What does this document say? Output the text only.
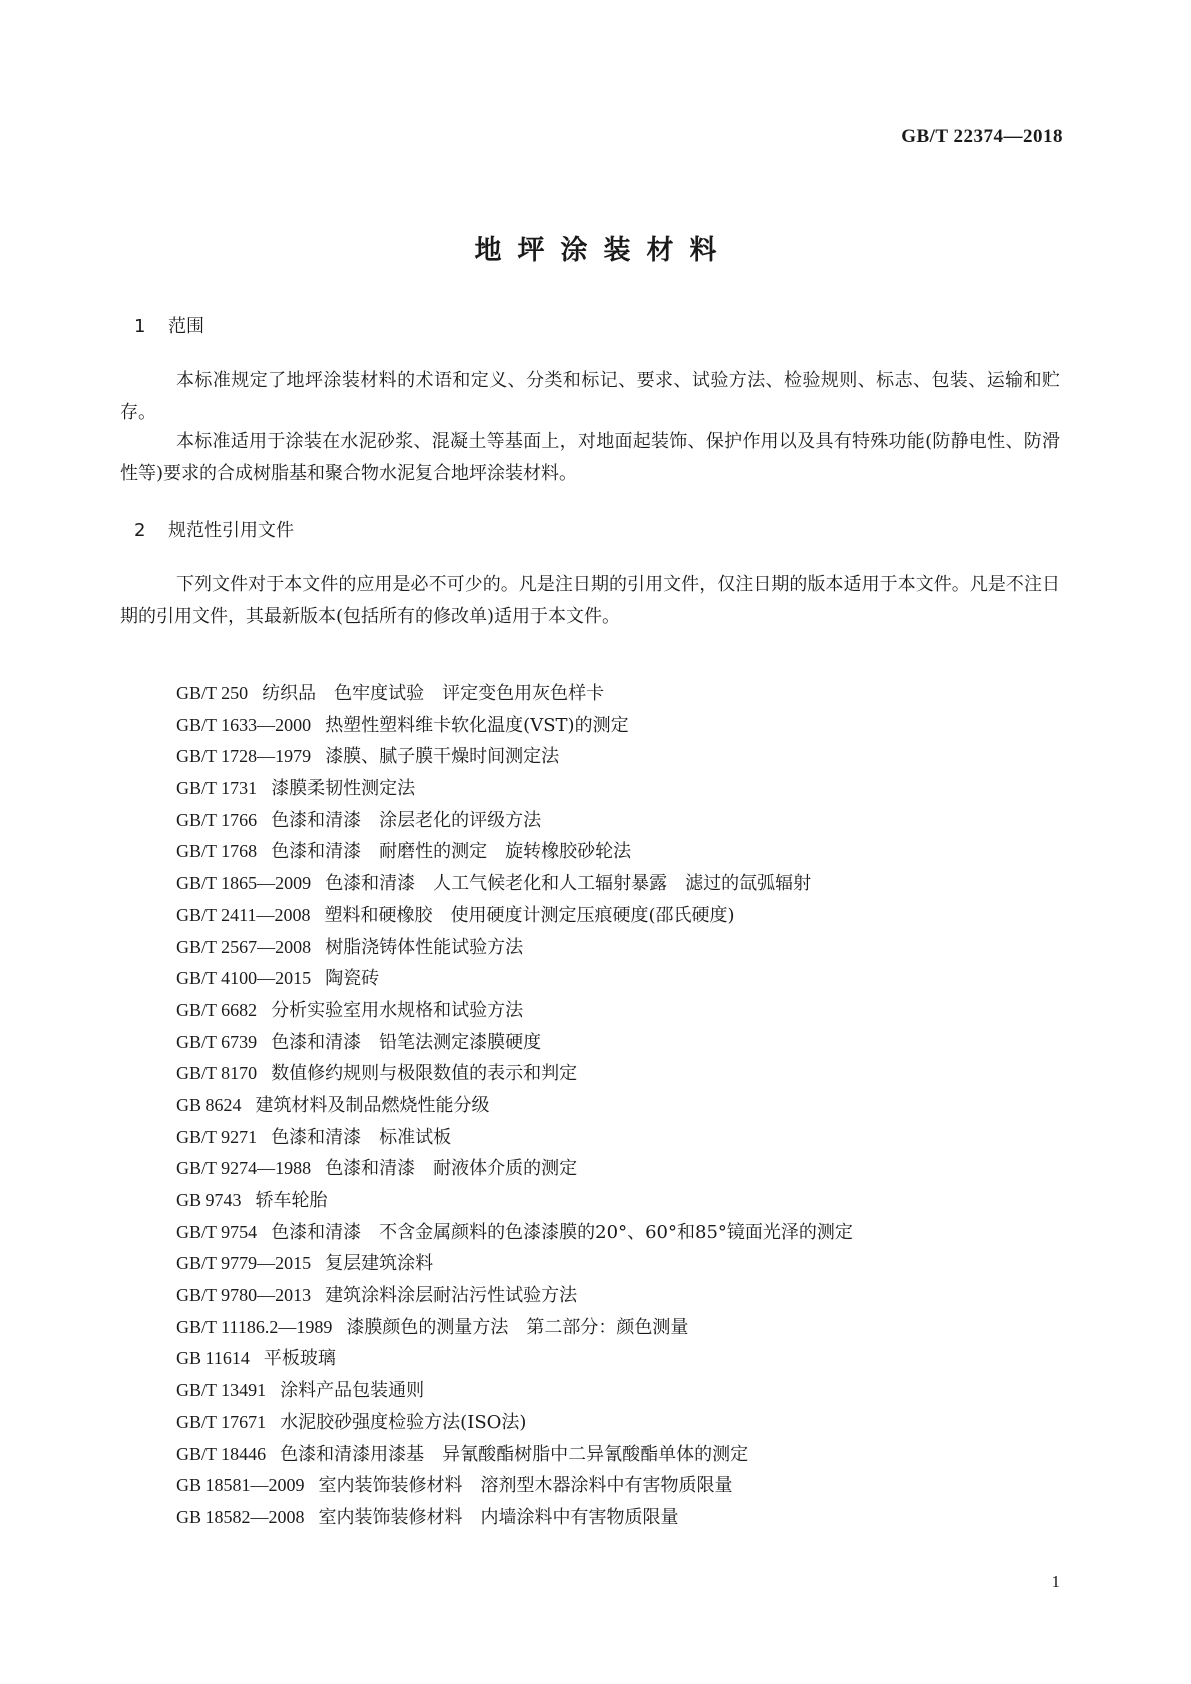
GB/T 22374—2018
地坪涂装材料
1 范围
本标准规定了地坪涂装材料的术语和定义、分类和标记、要求、试验方法、检验规则、标志、包装、运输和贮存。
本标准适用于涂装在水泥砂浆、混凝土等基面上，对地面起装饰、保护作用以及具有特殊功能(防静电性、防滑性等)要求的合成树脂基和聚合物水泥复合地坪涂装材料。
2 规范性引用文件
下列文件对于本文件的应用是必不可少的。凡是注日期的引用文件，仅注日期的版本适用于本文件。凡是不注日期的引用文件，其最新版本(包括所有的修改单)适用于本文件。
GB/T 250 纺织品　色牢度试验　评定变色用灰色样卡
GB/T 1633—2000 热塑性塑料维卡软化温度(VST)的测定
GB/T 1728—1979 漆膜、腻子膜干燥时间测定法
GB/T 1731 漆膜柔韧性测定法
GB/T 1766 色漆和清漆　涂层老化的评级方法
GB/T 1768 色漆和清漆　耐磨性的测定　旋转橡胶砂轮法
GB/T 1865—2009 色漆和清漆　人工气候老化和人工辐射暴露　滤过的氙弧辐射
GB/T 2411—2008 塑料和硬橡胶　使用硬度计测定压痕硬度(邵氏硬度)
GB/T 2567—2008 树脂浇铸体性能试验方法
GB/T 4100—2015 陶瓷砖
GB/T 6682 分析实验室用水规格和试验方法
GB/T 6739 色漆和清漆　铅笔法测定漆膜硬度
GB/T 8170 数值修约规则与极限数值的表示和判定
GB 8624 建筑材料及制品燃烧性能分级
GB/T 9271 色漆和清漆　标准试板
GB/T 9274—1988 色漆和清漆　耐液体介质的测定
GB 9743 轿车轮胎
GB/T 9754 色漆和清漆　不含金属颜料的色漆漆膜的20°、60°和85°镜面光泽的测定
GB/T 9779—2015 复层建筑涂料
GB/T 9780—2013 建筑涂料涂层耐沾污性试验方法
GB/T 11186.2—1989 漆膜颜色的测量方法　第二部分：颜色测量
GB 11614 平板玻璃
GB/T 13491 涂料产品包装通则
GB/T 17671 水泥胶砂强度检验方法(ISO法)
GB/T 18446 色漆和清漆用漆基　异氰酸酯树脂中二异氰酸酯单体的测定
GB 18581—2009 室内装饰装修材料　溶剂型木器涂料中有害物质限量
GB 18582—2008 室内装饰装修材料　内墙涂料中有害物质限量
1
